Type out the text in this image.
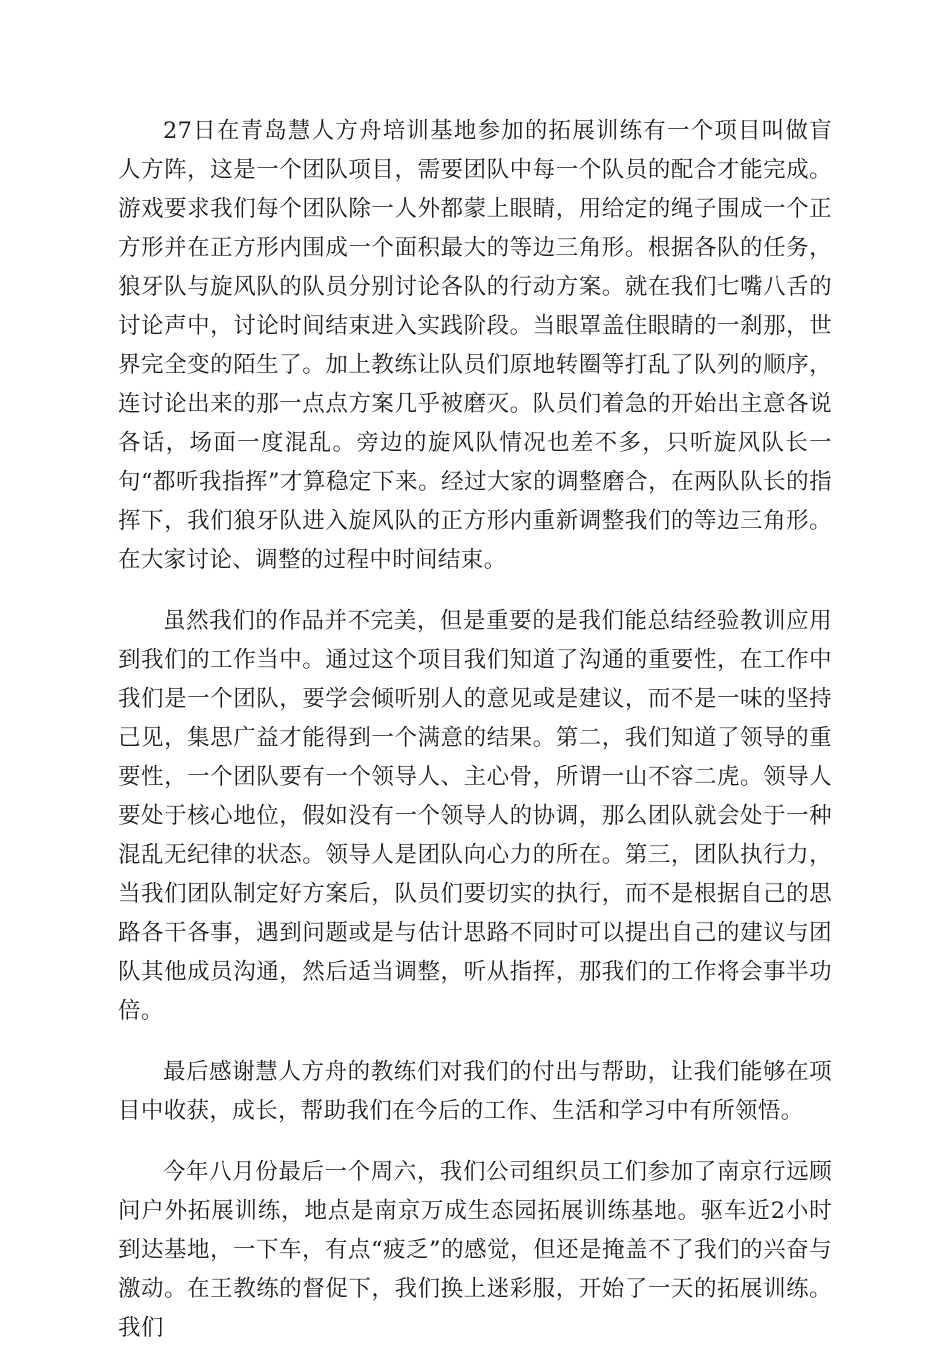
27日在青岛慧人方舟培训基地参加的拓展训练有一个项目叫做盲人方阵，这是一个团队项目，需要团队中每一个队员的配合才能完成。游戏要求我们每个团队除一人外都蒙上眼睛，用给定的绳子围成一个正方形并在正方形内围成一个面积最大的等边三角形。根据各队的任务，狼牙队与旋风队的队员分别讨论各队的行动方案。就在我们七嘴八舌的讨论声中，讨论时间结束进入实践阶段。当眼罩盖住眼睛的一刹那，世界完全变的陌生了。加上教练让队员们原地转圈等打乱了队列的顺序，连讨论出来的那一点点方案几乎被磨灭。队员们着急的开始出主意各说各话，场面一度混乱。旁边的旋风队情况也差不多，只听旋风队长一句“都听我指挥”才算稳定下来。经过大家的调整磨合，在两队队长的指挥下，我们狼牙队进入旋风队的正方形内重新调整我们的等边三角形。在大家讨论、调整的过程中时间结束。

虽然我们的作品并不完美，但是重要的是我们能总结经验教训应用到我们的工作当中。通过这个项目我们知道了沟通的重要性，在工作中我们是一个团队，要学会倾听别人的意见或是建议，而不是一味的坚持己见，集思广益才能得到一个满意的结果。第二，我们知道了领导的重要性，一个团队要有一个领导人、主心骨，所谓一山不容二虎。领导人要处于核心地位，假如没有一个领导人的协调，那么团队就会处于一种混乱无纪律的状态。领导人是团队向心力的所在。第三，团队执行力，当我们团队制定好方案后，队员们要切实的执行，而不是根据自己的思路各干各事，遇到问题或是与估计思路不同时可以提出自己的建议与团队其他成员沟通，然后适当调整，听从指挥，那我们的工作将会事半功倍。

最后感谢慧人方舟的教练们对我们的付出与帮助，让我们能够在项目中收获，成长，帮助我们在今后的工作、生活和学习中有所领悟。

今年八月份最后一个周六，我们公司组织员工们参加了南京行远顾问户外拓展训练，地点是南京万成生态园拓展训练基地。驱车近2小时到达基地，一下车，有点“疲乏”的感觉，但还是掩盖不了我们的兴奋与激动。在王教练的督促下，我们换上迷彩服，开始了一天的拓展训练。我们
